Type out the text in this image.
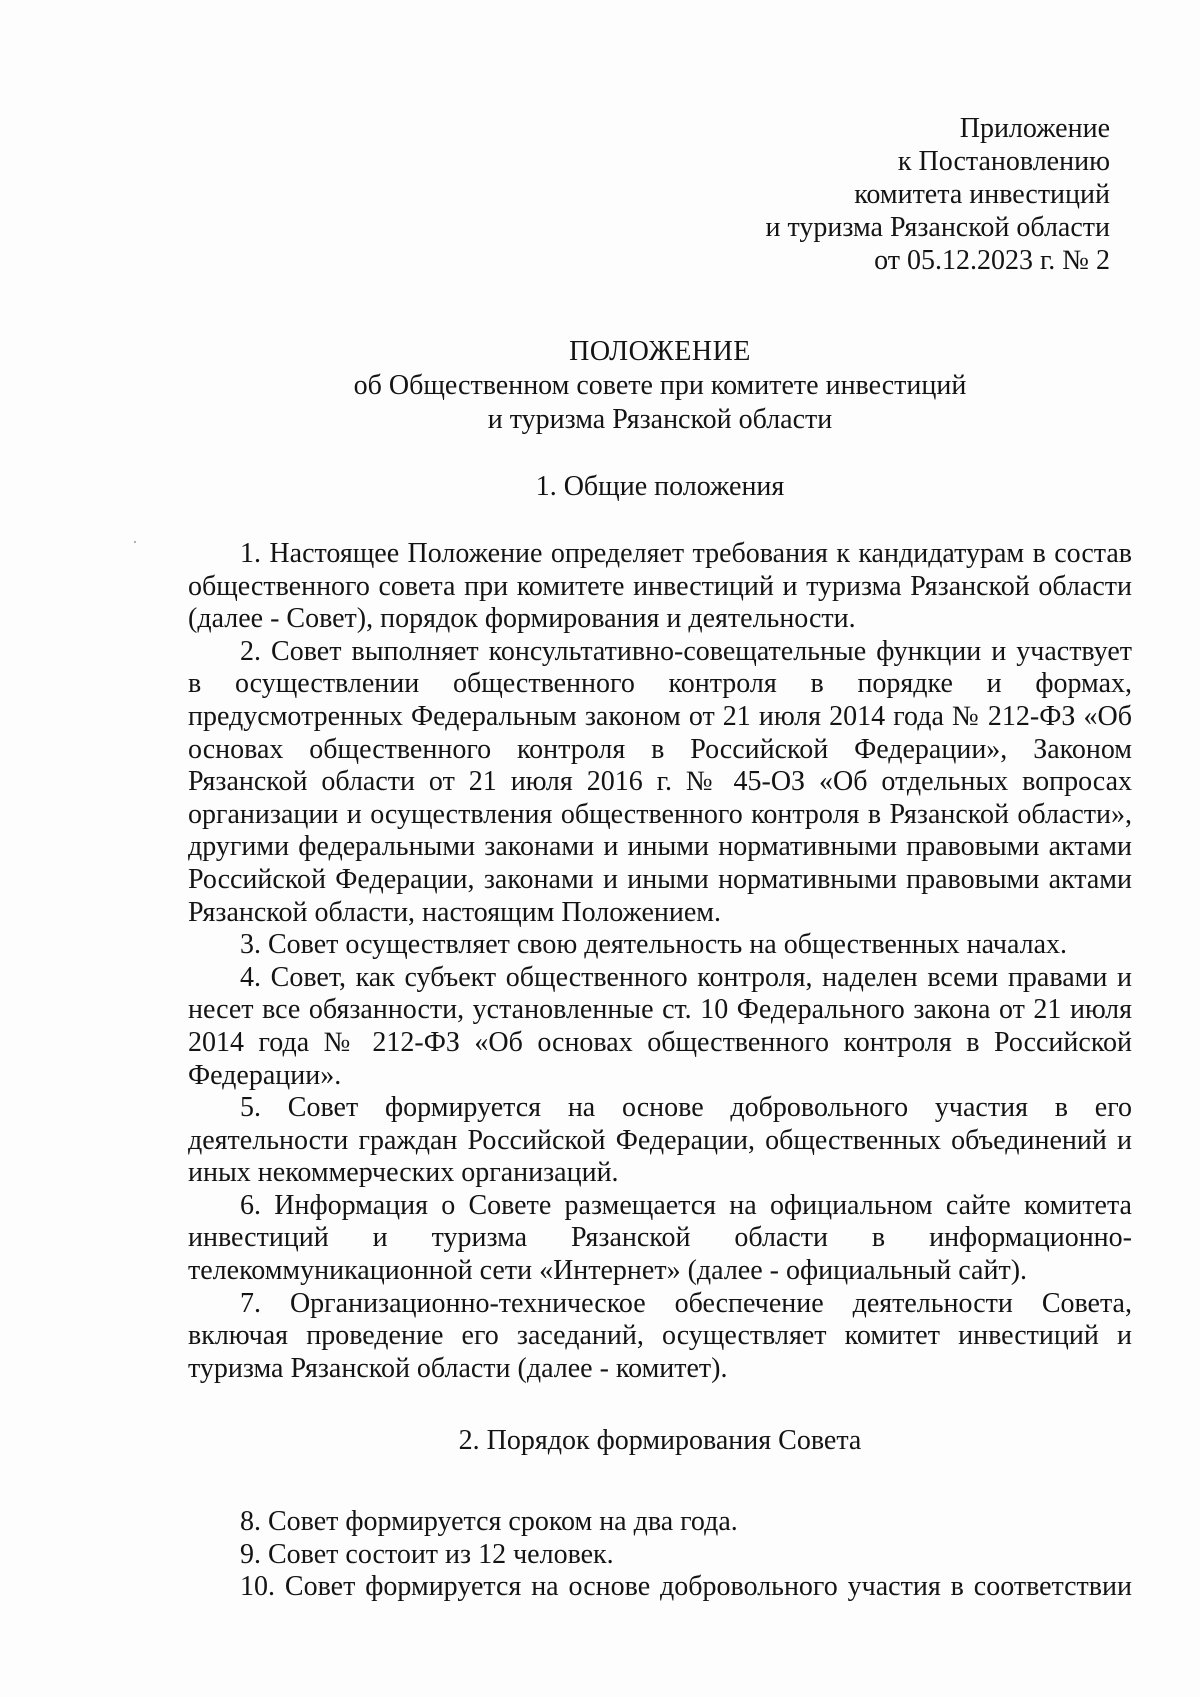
Приложение
к Постановлению
комитета инвестиций
и туризма Рязанской области
от 05.12.2023 г. № 2
ПОЛОЖЕНИЕ
об Общественном совете при комитете инвестиций
и туризма Рязанской области
1. Общие положения

1. Настоящее Положение определяет требования к кандидатурам в состав общественного совета при комитете инвестиций и туризма Рязанской области (далее - Совет), порядок формирования и деятельности.

2. Совет выполняет консультативно-совещательные функции и участвует в осуществлении общественного контроля в порядке и формах, предусмотренных Федеральным законом от 21 июля 2014 года № 212-ФЗ «Об основах общественного контроля в Российской Федерации», Законом Рязанской области от 21 июля 2016 г. № 45-ОЗ «Об отдельных вопросах организации и осуществления общественного контроля в Рязанской области», другими федеральными законами и иными нормативными правовыми актами Российской Федерации, законами и иными нормативными правовыми актами Рязанской области, настоящим Положением.

3. Совет осуществляет свою деятельность на общественных началах.

4. Совет, как субъект общественного контроля, наделен всеми правами и несет все обязанности, установленные ст. 10 Федерального закона от 21 июля 2014 года № 212-ФЗ «Об основах общественного контроля в Российской Федерации».

5. Совет формируется на основе добровольного участия в его деятельности граждан Российской Федерации, общественных объединений и иных некоммерческих организаций.

6. Информация о Совете размещается на официальном сайте комитета инвестиций и туризма Рязанской области в информационно-телекоммуникационной сети «Интернет» (далее - официальный сайт).

7. Организационно-техническое обеспечение деятельности Совета, включая проведение его заседаний, осуществляет комитет инвестиций и туризма Рязанской области (далее - комитет).

2. Порядок формирования Совета

8. Совет формируется сроком на два года.

9. Совет состоит из 12 человек.

10. Совет формируется на основе добровольного участия в соответствии
